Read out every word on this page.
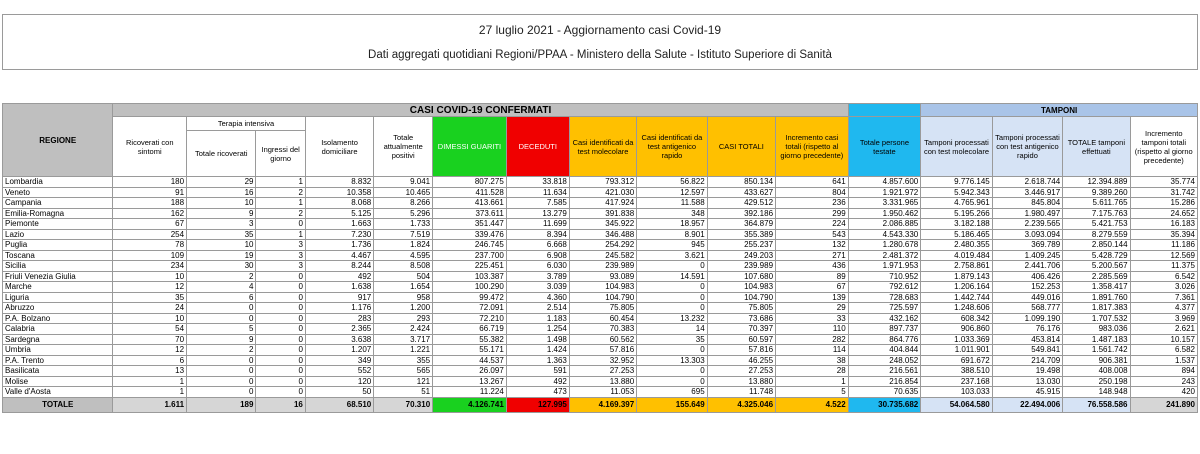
27 luglio 2021 - Aggiornamento casi Covid-19
Dati aggregati quotidiani Regioni/PPAA - Ministero della Salute - Istituto Superiore di Sanità
REGIONE	CASI COVID-19 CONFERMATI												TAMPONI			
	Ricoverati con sintomi	Terapia intensiva		Isolamento domiciliare	Totale attualmente positivi	DIMESSI GUARITI	DECEDUTI	Casi identificati da test molecolare	Casi identificati da test antigenico rapido	CASI TOTALI	Incremento casi totali (rispetto al giorno precedente)	Totale persone testate	Tamponi processati con test molecolare	Tamponi processati con test antigenico rapido	TOTALE tamponi effettuati	Incremento tamponi totali (rispetto al giorno precedente)
		Totale ricoverati	Ingressi del giorno													
Lombardia	180	29	1	8.832	9.041	807.275	33.818	793.312	56.822	850.134	641	4.857.600	9.776.145	2.618.744	12.394.889	35.774
Veneto	91	16	2	10.358	10.465	411.528	11.634	421.030	12.597	433.627	804	1.921.972	5.942.343	3.446.917	9.389.260	31.742
Campania	188	10	1	8.068	8.266	413.661	7.585	417.924	11.588	429.512	236	3.331.965	4.765.961	845.804	5.611.765	15.286
Emilia-Romagna	162	9	2	5.125	5.296	373.611	13.279	391.838	348	392.186	299	1.950.462	5.195.266	1.980.497	7.175.763	24.652
Piemonte	67	3	0	1.663	1.733	351.447	11.699	345.922	18.957	364.879	224	2.086.885	3.182.188	2.239.565	5.421.753	16.183
Lazio	254	35	1	7.230	7.519	339.476	8.394	346.488	8.901	355.389	543	4.543.330	5.186.465	3.093.094	8.279.559	35.394
Puglia	78	10	3	1.736	1.824	246.745	6.668	254.292	945	255.237	132	1.280.678	2.480.355	369.789	2.850.144	11.186
Toscana	109	19	3	4.467	4.595	237.700	6.908	245.582	3.621	249.203	271	2.481.372	4.019.484	1.409.245	5.428.729	12.569
Sicilia	234	30	3	8.244	8.508	225.451	6.030	239.989	0	239.989	436	1.971.953	2.758.861	2.441.706	5.200.567	11.375
Friuli Venezia Giulia	10	2	0	492	504	103.387	3.789	93.089	14.591	107.680	89	710.952	1.879.143	406.426	2.285.569	6.542
Marche	12	4	0	1.638	1.654	100.290	3.039	104.983	0	104.983	67	792.612	1.206.164	152.253	1.358.417	3.026
Liguria	35	6	0	917	958	99.472	4.360	104.790	0	104.790	139	728.683	1.442.744	449.016	1.891.760	7.361
Abruzzo	24	0	0	1.176	1.200	72.091	2.514	75.805	0	75.805	29	725.597	1.248.606	568.777	1.817.383	4.377
P.A. Bolzano	10	0	0	283	293	72.210	1.183	60.454	13.232	73.686	33	432.162	608.342	1.099.190	1.707.532	3.969
Calabria	54	5	0	2.365	2.424	66.719	1.254	70.383	14	70.397	110	897.737	906.860	76.176	983.036	2.621
Sardegna	70	9	0	3.638	3.717	55.382	1.498	60.562	35	60.597	282	864.776	1.033.369	453.814	1.487.183	10.157
Umbria	12	2	0	1.207	1.221	55.171	1.424	57.816	0	57.816	114	404.844	1.011.901	549.841	1.561.742	6.582
P.A. Trento	6	0	0	349	355	44.537	1.363	32.952	13.303	46.255	38	248.052	691.672	214.709	906.381	1.537
Basilicata	13	0	0	552	565	26.097	591	27.253	0	27.253	28	216.561	388.510	19.498	408.008	894
Molise	1	0	0	120	121	13.267	492	13.880	0	13.880	1	216.854	237.168	13.030	250.198	243
Valle d'Aosta	1	0	0	50	51	11.224	473	11.053	695	11.748	5	70.635	103.033	45.915	148.948	420
TOTALE	1.611	189	16	68.510	70.310	4.126.741	127.995	4.169.397	155.649	4.325.046	4.522	30.735.682	54.064.580	22.494.006	76.558.586	241.890
